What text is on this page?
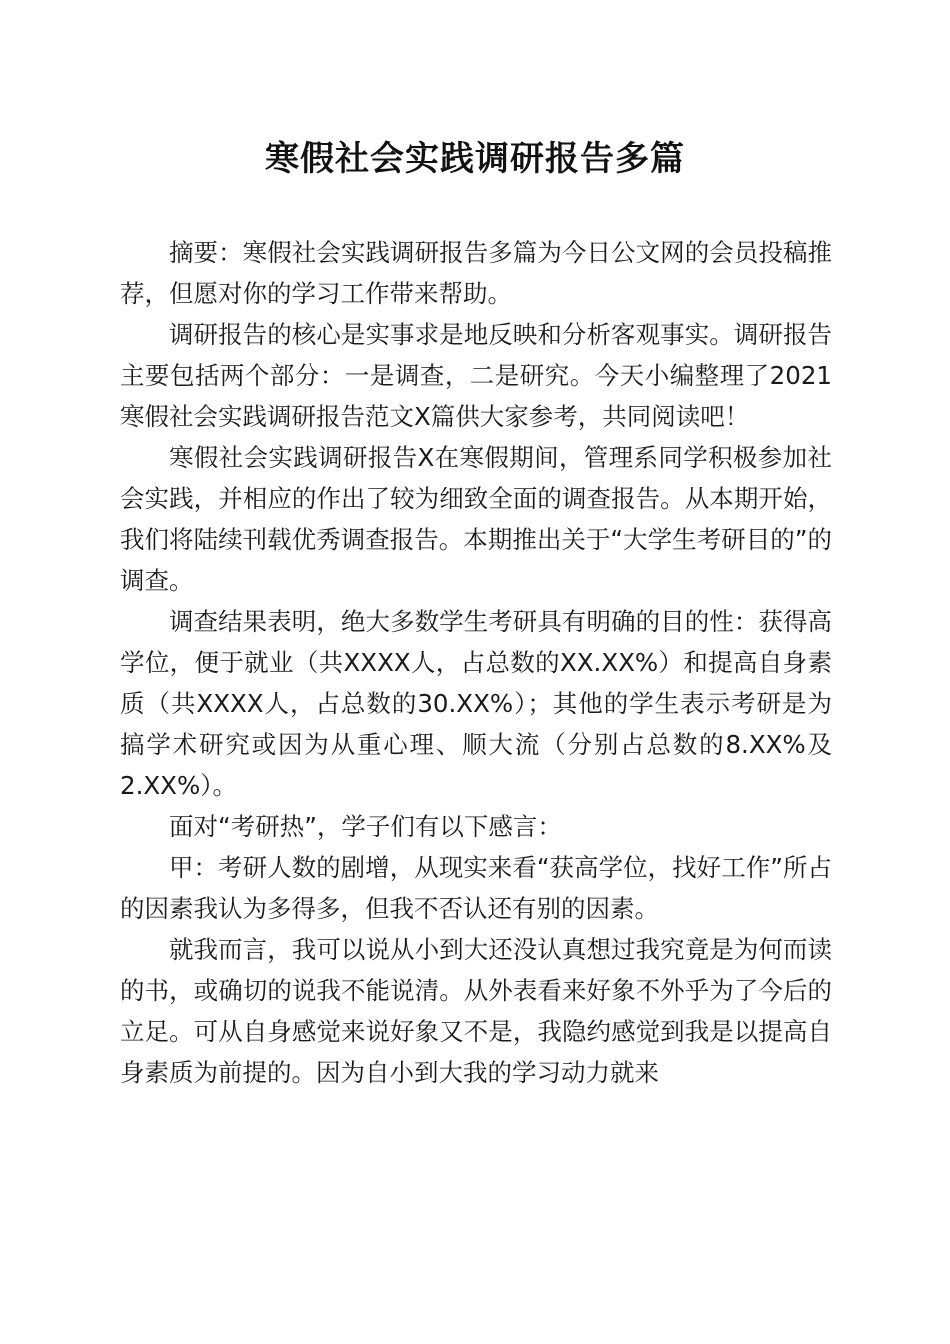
寒假社会实践调研报告多篇

摘要：寒假社会实践调研报告多篇为今日公文网的会员投稿推荐，但愿对你的学习工作带来帮助。

调研报告的核心是实事求是地反映和分析客观事实。调研报告主要包括两个部分：一是调查，二是研究。今天小编整理了2021寒假社会实践调研报告范文X篇供大家参考，共同阅读吧！

寒假社会实践调研报告X在寒假期间，管理系同学积极参加社会实践，并相应的作出了较为细致全面的调查报告。从本期开始，我们将陆续刊载优秀调查报告。本期推出关于“大学生考研目的”的调查。

调查结果表明，绝大多数学生考研具有明确的目的性：获得高学位，便于就业（共XXXX人，占总数的XX.XX%）和提高自身素质（共XXXX人，占总数的30.XX%）；其他的学生表示考研是为搞学术研究或因为从重心理、顺大流（分别占总数的8.XX%及2.XX%）。

面对“考研热”，学子们有以下感言：

甲：考研人数的剧增，从现实来看“获高学位，找好工作”所占的因素我认为多得多，但我不否认还有别的因素。

就我而言，我可以说从小到大还没认真想过我究竟是为何而读的书，或确切的说我不能说清。从外表看来好象不外乎为了今后的立足。可从自身感觉来说好象又不是，我隐约感觉到我是以提高自身素质为前提的。因为自小到大我的学习动力就来
